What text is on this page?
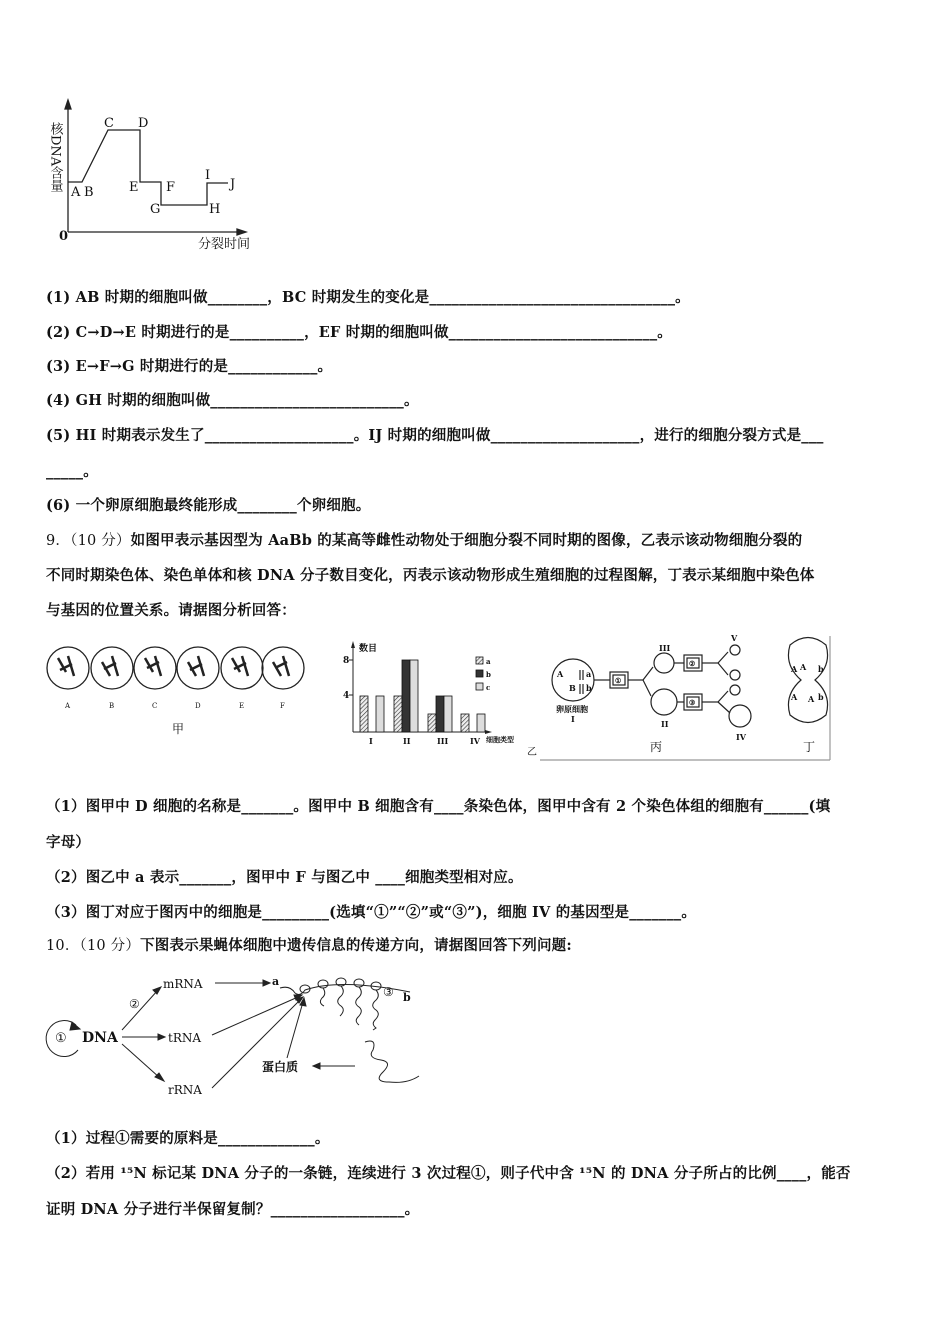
0
分裂时间
核DNA含量
A B
C D
E F
G	H
I
J
A	B	C	D	E	F
甲
数目
4
8
细胞类型
I	II	III	IV
a
b
c
乙
A	a
B b
卵原细胞
I	II
III
IV
V
①
②
③
A A b
A A b
丙	丁
① DNA
mRNA
tRNA
rRNA
②
a
③ b
蛋白质
(1) AB 时期的细胞叫做________，BC 时期发生的变化是_________________________________。
(2) C→D→E 时期进行的是__________，EF 时期的细胞叫做____________________________。
(3) E→F→G 时期进行的是____________。
(4) GH 时期的细胞叫做__________________________。
(5) HI 时期表示发生了____________________。IJ 时期的细胞叫做____________________，进行的细胞分裂方式是___
_____。
(6) 一个卵原细胞最终能形成________个卵细胞。
9．（10 分）如图甲表示基因型为 AaBb 的某高等雌性动物处于细胞分裂不同时期的图像，乙表示该动物细胞分裂的
不同时期染色体、染色单体和核 DNA 分子数目变化，丙表示该动物形成生殖细胞的过程图解，丁表示某细胞中染色体
与基因的位置关系。请据图分析回答：
（1）图甲中 D 细胞的名称是_______。图甲中 B 细胞含有____条染色体，图甲中含有 2 个染色体组的细胞有______(填
字母）
（2）图乙中 a 表示_______，图甲中 F 与图乙中 ____细胞类型相对应。
（3）图丁对应于图丙中的细胞是_________(选填“①”“②”或“③”)，细胞 IV 的基因型是_______。
10．（10 分）下图表示果蝇体细胞中遗传信息的传递方向，请据图回答下列问题:
（1）过程①需要的原料是_____________。
（2）若用 ¹⁵N 标记某 DNA 分子的一条链，连续进行 3 次过程①，则子代中含 ¹⁵N 的 DNA 分子所占的比例____，能否
证明 DNA 分子进行半保留复制？__________________。
